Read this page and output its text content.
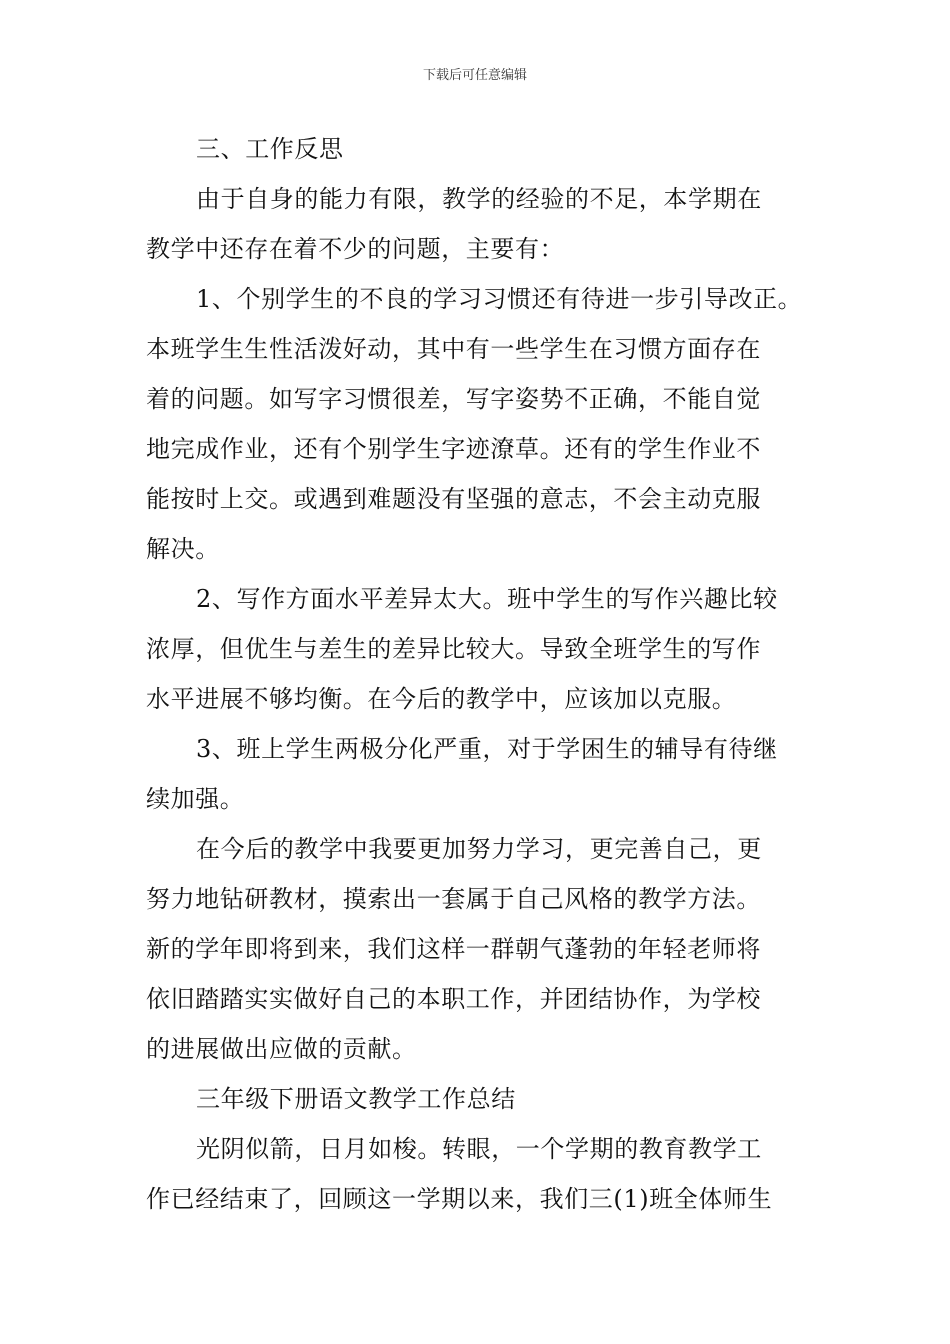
下载后可任意编辑
三、工作反思
由于自身的能力有限，教学的经验的不足，本学期在
教学中还存在着不少的问题，主要有：
1、个别学生的不良的学习习惯还有待进一步引导改正。
本班学生生性活泼好动，其中有一些学生在习惯方面存在
着的问题。如写字习惯很差，写字姿势不正确，不能自觉
地完成作业，还有个别学生字迹潦草。还有的学生作业不
能按时上交。或遇到难题没有坚强的意志，不会主动克服
解决。
2、写作方面水平差异太大。班中学生的写作兴趣比较
浓厚，但优生与差生的差异比较大。导致全班学生的写作
水平进展不够均衡。在今后的教学中，应该加以克服。
3、班上学生两极分化严重，对于学困生的辅导有待继
续加强。
在今后的教学中我要更加努力学习，更完善自己，更
努力地钻研教材，摸索出一套属于自己风格的教学方法。
新的学年即将到来，我们这样一群朝气蓬勃的年轻老师将
依旧踏踏实实做好自己的本职工作，并团结协作，为学校
的进展做出应做的贡献。
三年级下册语文教学工作总结
光阴似箭，日月如梭。转眼，一个学期的教育教学工
作已经结束了，回顾这一学期以来，我们三(1)班全体师生
